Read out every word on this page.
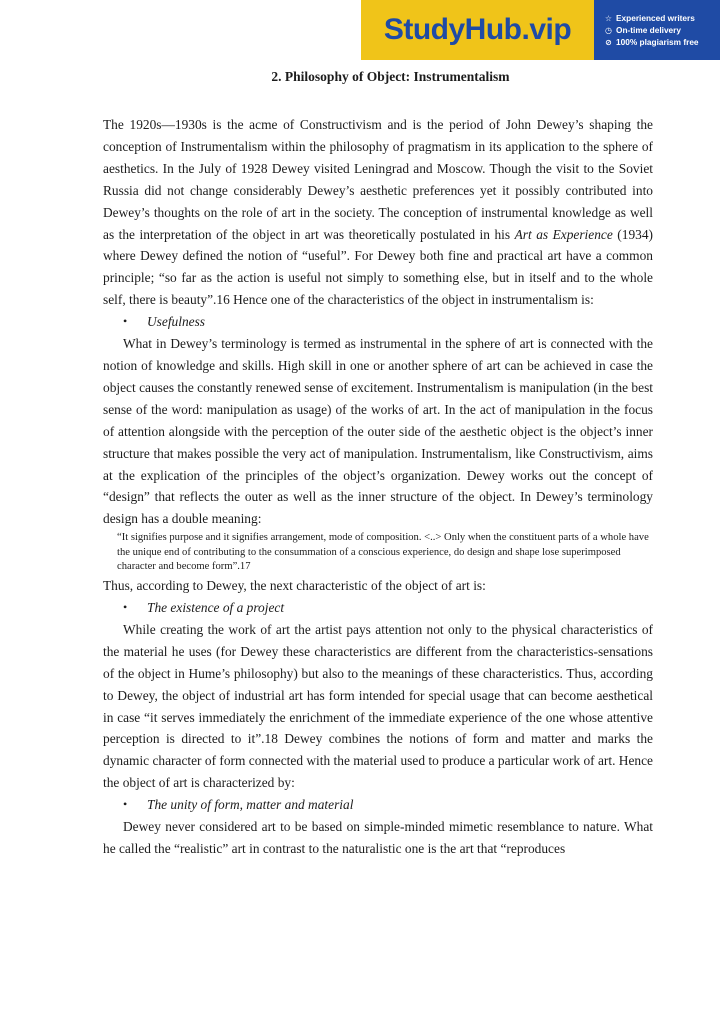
StudyHub.vip	☆ Experienced writers
◷ On-time delivery
⊘ 100% plagiarism free
2. Philosophy of Object: Instrumentalism

The 1920s—1930s is the acme of Constructivism and is the period of John Dewey’s shaping the conception of Instrumentalism within the philosophy of pragmatism in its application to the sphere of aesthetics. In the July of 1928 Dewey visited Leningrad and Moscow. Though the visit to the Soviet Russia did not change considerably Dewey’s aesthetic preferences yet it possibly contributed into Dewey’s thoughts on the role of art in the society. The conception of instrumental knowledge as well as the interpretation of the object in art was theoretically postulated in his Art as Experience (1934) where Dewey defined the notion of “useful”. For Dewey both fine and practical art have a common principle; “so far as the action is useful not simply to something else, but in itself and to the whole self, there is beauty”.16 Hence one of the characteristics of the object in instrumentalism is:

•	Usefulness

What in Dewey’s terminology is termed as instrumental in the sphere of art is connected with the notion of knowledge and skills. High skill in one or another sphere of art can be achieved in case the object causes the constantly renewed sense of excitement. Instrumentalism is manipulation (in the best sense of the word: manipulation as usage) of the works of art. In the act of manipulation in the focus of attention alongside with the perception of the outer side of the aesthetic object is the object’s inner structure that makes possible the very act of manipulation. Instrumentalism, like Constructivism, aims at the explication of the principles of the object’s organization. Dewey works out the concept of “design” that reflects the outer as well as the inner structure of the object. In Dewey’s terminology design has a double meaning:

“It signifies purpose and it signifies arrangement, mode of composition. <..> Only when the constituent parts of a whole have the unique end of contributing to the consummation of a conscious experience, do design and shape lose superimposed character and become form”.17

Thus, according to Dewey, the next characteristic of the object of art is:

•	The existence of a project

While creating the work of art the artist pays attention not only to the physical characteristics of the material he uses (for Dewey these characteristics are different from the characteristics-sensations of the object in Hume’s philosophy) but also to the meanings of these characteristics. Thus, according to Dewey, the object of industrial art has form intended for special usage that can become aesthetical in case “it serves immediately the enrichment of the immediate experience of the one whose attentive perception is directed to it”.18 Dewey combines the notions of form and matter and marks the dynamic character of form connected with the material used to produce a particular work of art. Hence the object of art is characterized by:

•	The unity of form, matter and material

Dewey never considered art to be based on simple-minded mimetic resemblance to nature. What he called the “realistic” art in contrast to the naturalistic one is the art that “reproduces
